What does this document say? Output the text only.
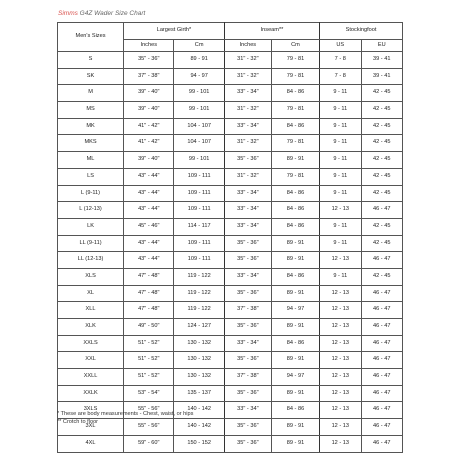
Simms G4Z Wader Size Chart
Men's Sizes	Largest Girth*		Inseam**		Stockingfoot	
	Inches	Cm	Inches	Cm	US	EU
S	35" - 36"	89 - 91	31" - 32"	79 - 81	7 - 8	39 - 41
SK	37" - 38"	94 - 97	31" - 32"	79 - 81	7 - 8	39 - 41
M	39" - 40"	99 - 101	33" - 34"	84 - 86	9 - 11	42 - 45
MS	39" - 40"	99 - 101	31" - 32"	79 - 81	9 - 11	42 - 45
MK	41" - 42"	104 - 107	33" - 34"	84 - 86	9 - 11	42 - 45
MKS	41" - 42"	104 - 107	31" - 32"	79 - 81	9 - 11	42 - 45
ML	39" - 40"	99 - 101	35" - 36"	89 - 91	9 - 11	42 - 45
LS	43" - 44"	109 - 111	31" - 32"	79 - 81	9 - 11	42 - 45
L (9-11)	43" - 44"	109 - 111	33" - 34"	84 - 86	9 - 11	42 - 45
L (12-13)	43" - 44"	109 - 111	33" - 34"	84 - 86	12 - 13	46 - 47
LK	45" - 46"	114 - 117	33" - 34"	84 - 86	9 - 11	42 - 45
LL (9-11)	43" - 44"	109 - 111	35" - 36"	89 - 91	9 - 11	42 - 45
LL (12-13)	43" - 44"	109 - 111	35" - 36"	89 - 91	12 - 13	46 - 47
XLS	47" - 48"	119 - 122	33" - 34"	84 - 86	9 - 11	42 - 45
XL	47" - 48"	119 - 122	35" - 36"	89 - 91	12 - 13	46 - 47
XLL	47" - 48"	119 - 122	37" - 38"	94 - 97	12 - 13	46 - 47
XLK	49" - 50"	124 - 127	35" - 36"	89 - 91	12 - 13	46 - 47
XXLS	51" - 52"	130 - 132	33" - 34"	84 - 86	12 - 13	46 - 47
XXL	51" - 52"	130 - 132	35" - 36"	89 - 91	12 - 13	46 - 47
XXLL	51" - 52"	130 - 132	37" - 38"	94 - 97	12 - 13	46 - 47
XXLK	53" - 54"	135 - 137	35" - 36"	89 - 91	12 - 13	46 - 47
3XLS	55" - 56"	140 - 142	33" - 34"	84 - 86	12 - 13	46 - 47
3XL	55" - 56"	140 - 142	35" - 36"	89 - 91	12 - 13	46 - 47
4XL	59" - 60"	150 - 152	35" - 36"	89 - 91	12 - 13	46 - 47
* These are body measurements - Chest, waist, or hips
** Crotch to floor
